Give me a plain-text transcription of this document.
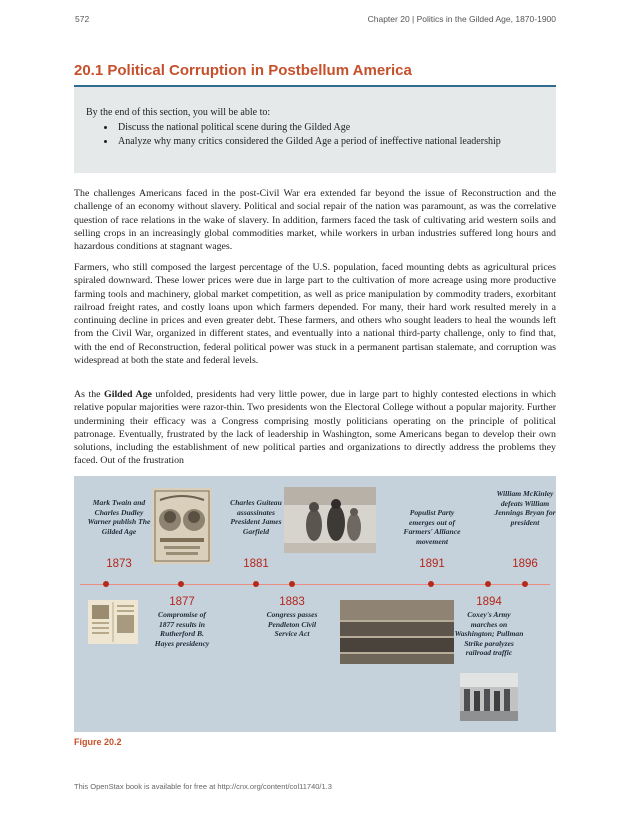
572	Chapter 20 | Politics in the Gilded Age, 1870-1900
20.1 Political Corruption in Postbellum America

By the end of this section, you will be able to:

• Discuss the national political scene during the Gilded Age
• Analyze why many critics considered the Gilded Age a period of ineffective national leadership

The challenges Americans faced in the post-Civil War era extended far beyond the issue of Reconstruction and the challenge of an economy without slavery. Political and social repair of the nation was paramount, as was the correlative question of race relations in the wake of slavery. In addition, farmers faced the task of cultivating arid western soils and selling crops in an increasingly global commodities market, while workers in urban industries suffered long hours and hazardous conditions at stagnant wages.

Farmers, who still composed the largest percentage of the U.S. population, faced mounting debts as agricultural prices spiraled downward. These lower prices were due in large part to the cultivation of more acreage using more productive farming tools and machinery, global market competition, as well as price manipulation by commodity traders, exorbitant railroad freight rates, and costly loans upon which farmers depended. For many, their hard work resulted merely in a continuing decline in prices and even greater debt. These farmers, and others who sought leaders to heal the wounds left from the Civil War, organized in different states, and eventually into a national third-party challenge, only to find that, with the end of Reconstruction, federal political power was stuck in a permanent partisan stalemate, and corruption was widespread at both the state and federal levels.

As the Gilded Age unfolded, presidents had very little power, due in large part to highly contested elections in which relative popular majorities were razor-thin. Two presidents won the Electoral College without a popular majority. Further undermining their efficacy was a Congress comprising mostly politicians operating on the principle of political patronage. Eventually, frustrated by the lack of leadership in Washington, some Americans began to develop their own solutions, including the establishment of new political parties and organizations to directly address the problems they faced. Out of the frustration

Mark Twain and Charles Dudley Warner publish The Gilded Age
1873
1877
Compromise of 1877 results in Rutherford B. Hayes presidency
Charles Guiteau assassinates President James Garfield
1881
1883
Congress passes Pendleton Civil Service Act
Populist Party emerges out of Farmers' Alliance movement
1891
1894
Coxey's Army marches on Washington; Pullman Strike paralyzes railroad traffic
William McKinley defeats William Jennings Bryan for president
1896
Figure 20.2
This OpenStax book is available for free at http://cnx.org/content/col11740/1.3
